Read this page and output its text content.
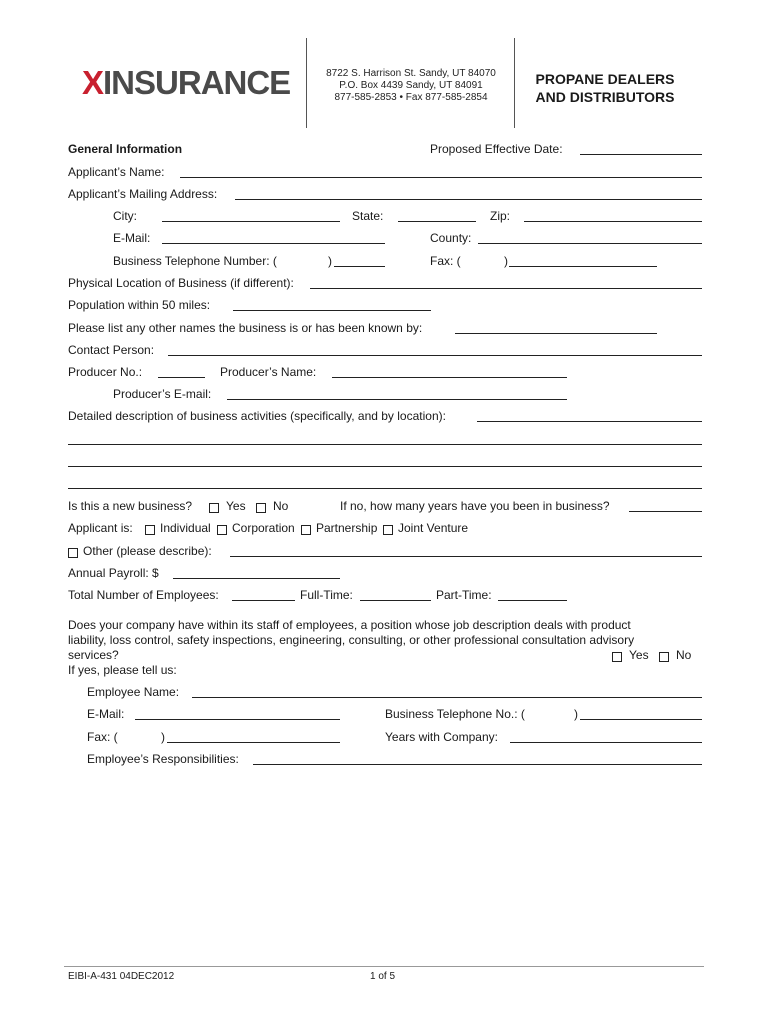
XINSURANCE	8722 S. Harrison St. Sandy, UT 84070
P.O. Box 4439 Sandy, UT 84091
877-585-2853 • Fax 877-585-2854
PROPANE DEALERS
AND DISTRIBUTORS
General Information	Proposed Effective Date:
Applicant’s Name:
Applicant’s Mailing Address:
City:	State:	Zip:
E-Mail:	County:
Business Telephone Number: (	)	Fax: (	)
Physical Location of Business (if different):
Population within 50 miles:
Please list any other names the business is or has been known by:
Contact Person:
Producer No.:	Producer’s Name:
Producer’s E-mail:
Detailed description of business activities (specifically, and by location):
Is this a new business?	Yes No	If no, how many years have you been in business?
Applicant is: Individual Corporation Partnership Joint Venture
Other (please describe):
Annual Payroll: $
Total Number of Employees:	Full-Time:	Part-Time:
Does your company have within its staff of employees, a position whose job description deals with product
liability, loss control, safety inspections, engineering, consulting, or other professional consultation advisory
services?
If yes, please tell us:
Yes No
Employee Name:
E-Mail:	Business Telephone No.: (	)
Fax: (	)	Years with Company:
Employee’s Responsibilities:
EIBI-A-431 04DEC2012	1 of 5
